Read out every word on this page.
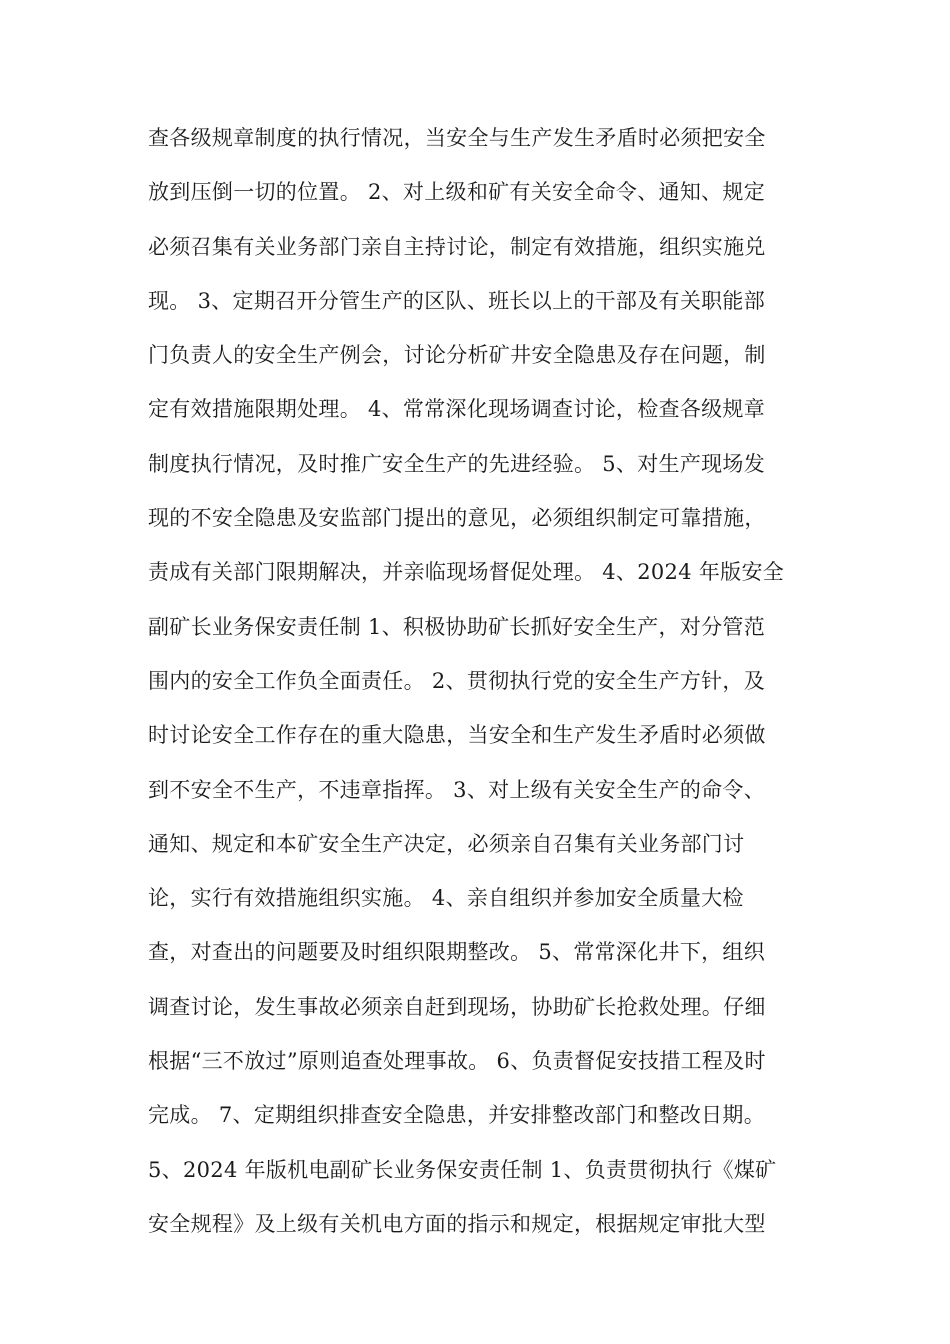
查各级规章制度的执行情况，当安全与生产发生矛盾时必须把安全
放到压倒一切的位置。 2、对上级和矿有关安全命令、通知、规定
必须召集有关业务部门亲自主持讨论，制定有效措施，组织实施兑
现。 3、定期召开分管生产的区队、班长以上的干部及有关职能部
门负责人的安全生产例会，讨论分析矿井安全隐患及存在问题，制
定有效措施限期处理。 4、常常深化现场调查讨论，检查各级规章
制度执行情况，及时推广安全生产的先进经验。 5、对生产现场发
现的不安全隐患及安监部门提出的意见，必须组织制定可靠措施，
责成有关部门限期解决，并亲临现场督促处理。 4、2024 年版安全
副矿长业务保安责任制 1、积极协助矿长抓好安全生产，对分管范
围内的安全工作负全面责任。 2、贯彻执行党的安全生产方针，及
时讨论安全工作存在的重大隐患，当安全和生产发生矛盾时必须做
到不安全不生产，不违章指挥。 3、对上级有关安全生产的命令、
通知、规定和本矿安全生产决定，必须亲自召集有关业务部门讨
论，实行有效措施组织实施。 4、亲自组织并参加安全质量大检
查，对查出的问题要及时组织限期整改。 5、常常深化井下，组织
调查讨论，发生事故必须亲自赶到现场，协助矿长抢救处理。仔细
根据“三不放过”原则追查处理事故。 6、负责督促安技措工程及时
完成。 7、定期组织排查安全隐患，并安排整改部门和整改日期。
5、2024 年版机电副矿长业务保安责任制 1、负责贯彻执行《煤矿
安全规程》及上级有关机电方面的指示和规定，根据规定审批大型
